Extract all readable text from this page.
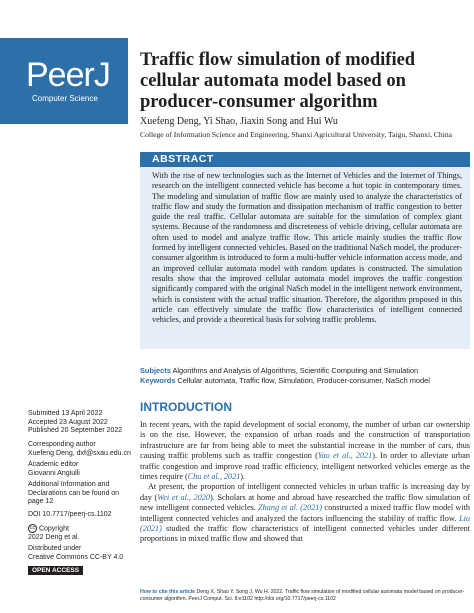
PeerJ
Computer Science
Traffic flow simulation of modified cellular automata model based on producer-consumer algorithm
Xuefeng Deng, Yi Shao, Jiaxin Song and Hui Wu
College of Information Science and Engineering, Shanxi Agricultural University, Taigu, Shanxi, China
ABSTRACT
With the rise of new technologies such as the Internet of Vehicles and the Internet of Things, research on the intelligent connected vehicle has become a hot topic in contemporary times. The modeling and simulation of traffic flow are mainly used to analyze the characteristics of traffic flow and study the formation and dissipation mechanism of traffic congestion to better guide the real traffic. Cellular automata are suitable for the simulation of complex giant systems. Because of the randomness and discreteness of vehicle driving, cellular automata are often used to model and analyze traffic flow. This article mainly studies the traffic flow formed by intelligent connected vehicles. Based on the traditional NaSch model, the producer-consumer algorithm is introduced to form a multi-buffer vehicle information access mode, and an improved cellular automata model with random updates is constructed. The simulation results show that the improved cellular automata model improves the traffic congestion significantly compared with the original NaSch model in the intelligent network environment, which is consistent with the actual traffic situation. Therefore, the algorithm proposed in this article can effectively simulate the traffic flow characteristics of intelligent connected vehicles, and provide a theoretical basis for solving traffic problems.
Subjects Algorithms and Analysis of Algorithms, Scientific Computing and Simulation
Keywords Cellular automata, Traffic flow, Simulation, Producer-consumer, NaSch model
Submitted 13 April 2022
Accepted 23 August 2022
Published 20 September 2022
Corresponding author
Xuefeng Deng, dxf@sxau.edu.cn
Academic editor
Giovanni Angiulli
Additional Information and Declarations can be found on page 12
DOI 10.7717/peerj-cs.1102
cc Copyright
2022 Deng et al.
Distributed under
Creative Commons CC-BY 4.0
OPEN ACCESS
INTRODUCTION

In recent years, with the rapid development of social economy, the number of urban car ownership is on the rise. However, the expansion of urban roads and the construction of transportation infrastructure are far from being able to meet the substantial increase in the number of cars, thus causing traffic problems such as traffic congestion (Yao et al., 2021). In order to alleviate urban traffic congestion and improve road traffic efficiency, intelligent networked vehicles emerge as the times require (Chu et al., 2021).

At present, the proportion of intelligent connected vehicles in urban traffic is increasing day by day (Wei et al., 2020). Scholars at home and abroad have researched the traffic flow simulation of new intelligent connected vehicles. Zhang et al. (2021) constructed a mixed traffic flow model with intelligent connected vehicles and analyzed the factors influencing the stability of traffic flow. Liu (2021) studied the traffic flow characteristics of intelligent connected vehicles under different proportions in mixed traffic flow and showed that

How to cite this article Deng X, Shao Y, Song J, Wu H. 2022. Traffic flow simulation of modified cellular automata model based on producer-consumer algorithm. PeerJ Comput. Sci. 8:e1102 http://doi.org/10.7717/peerj-cs.1102
